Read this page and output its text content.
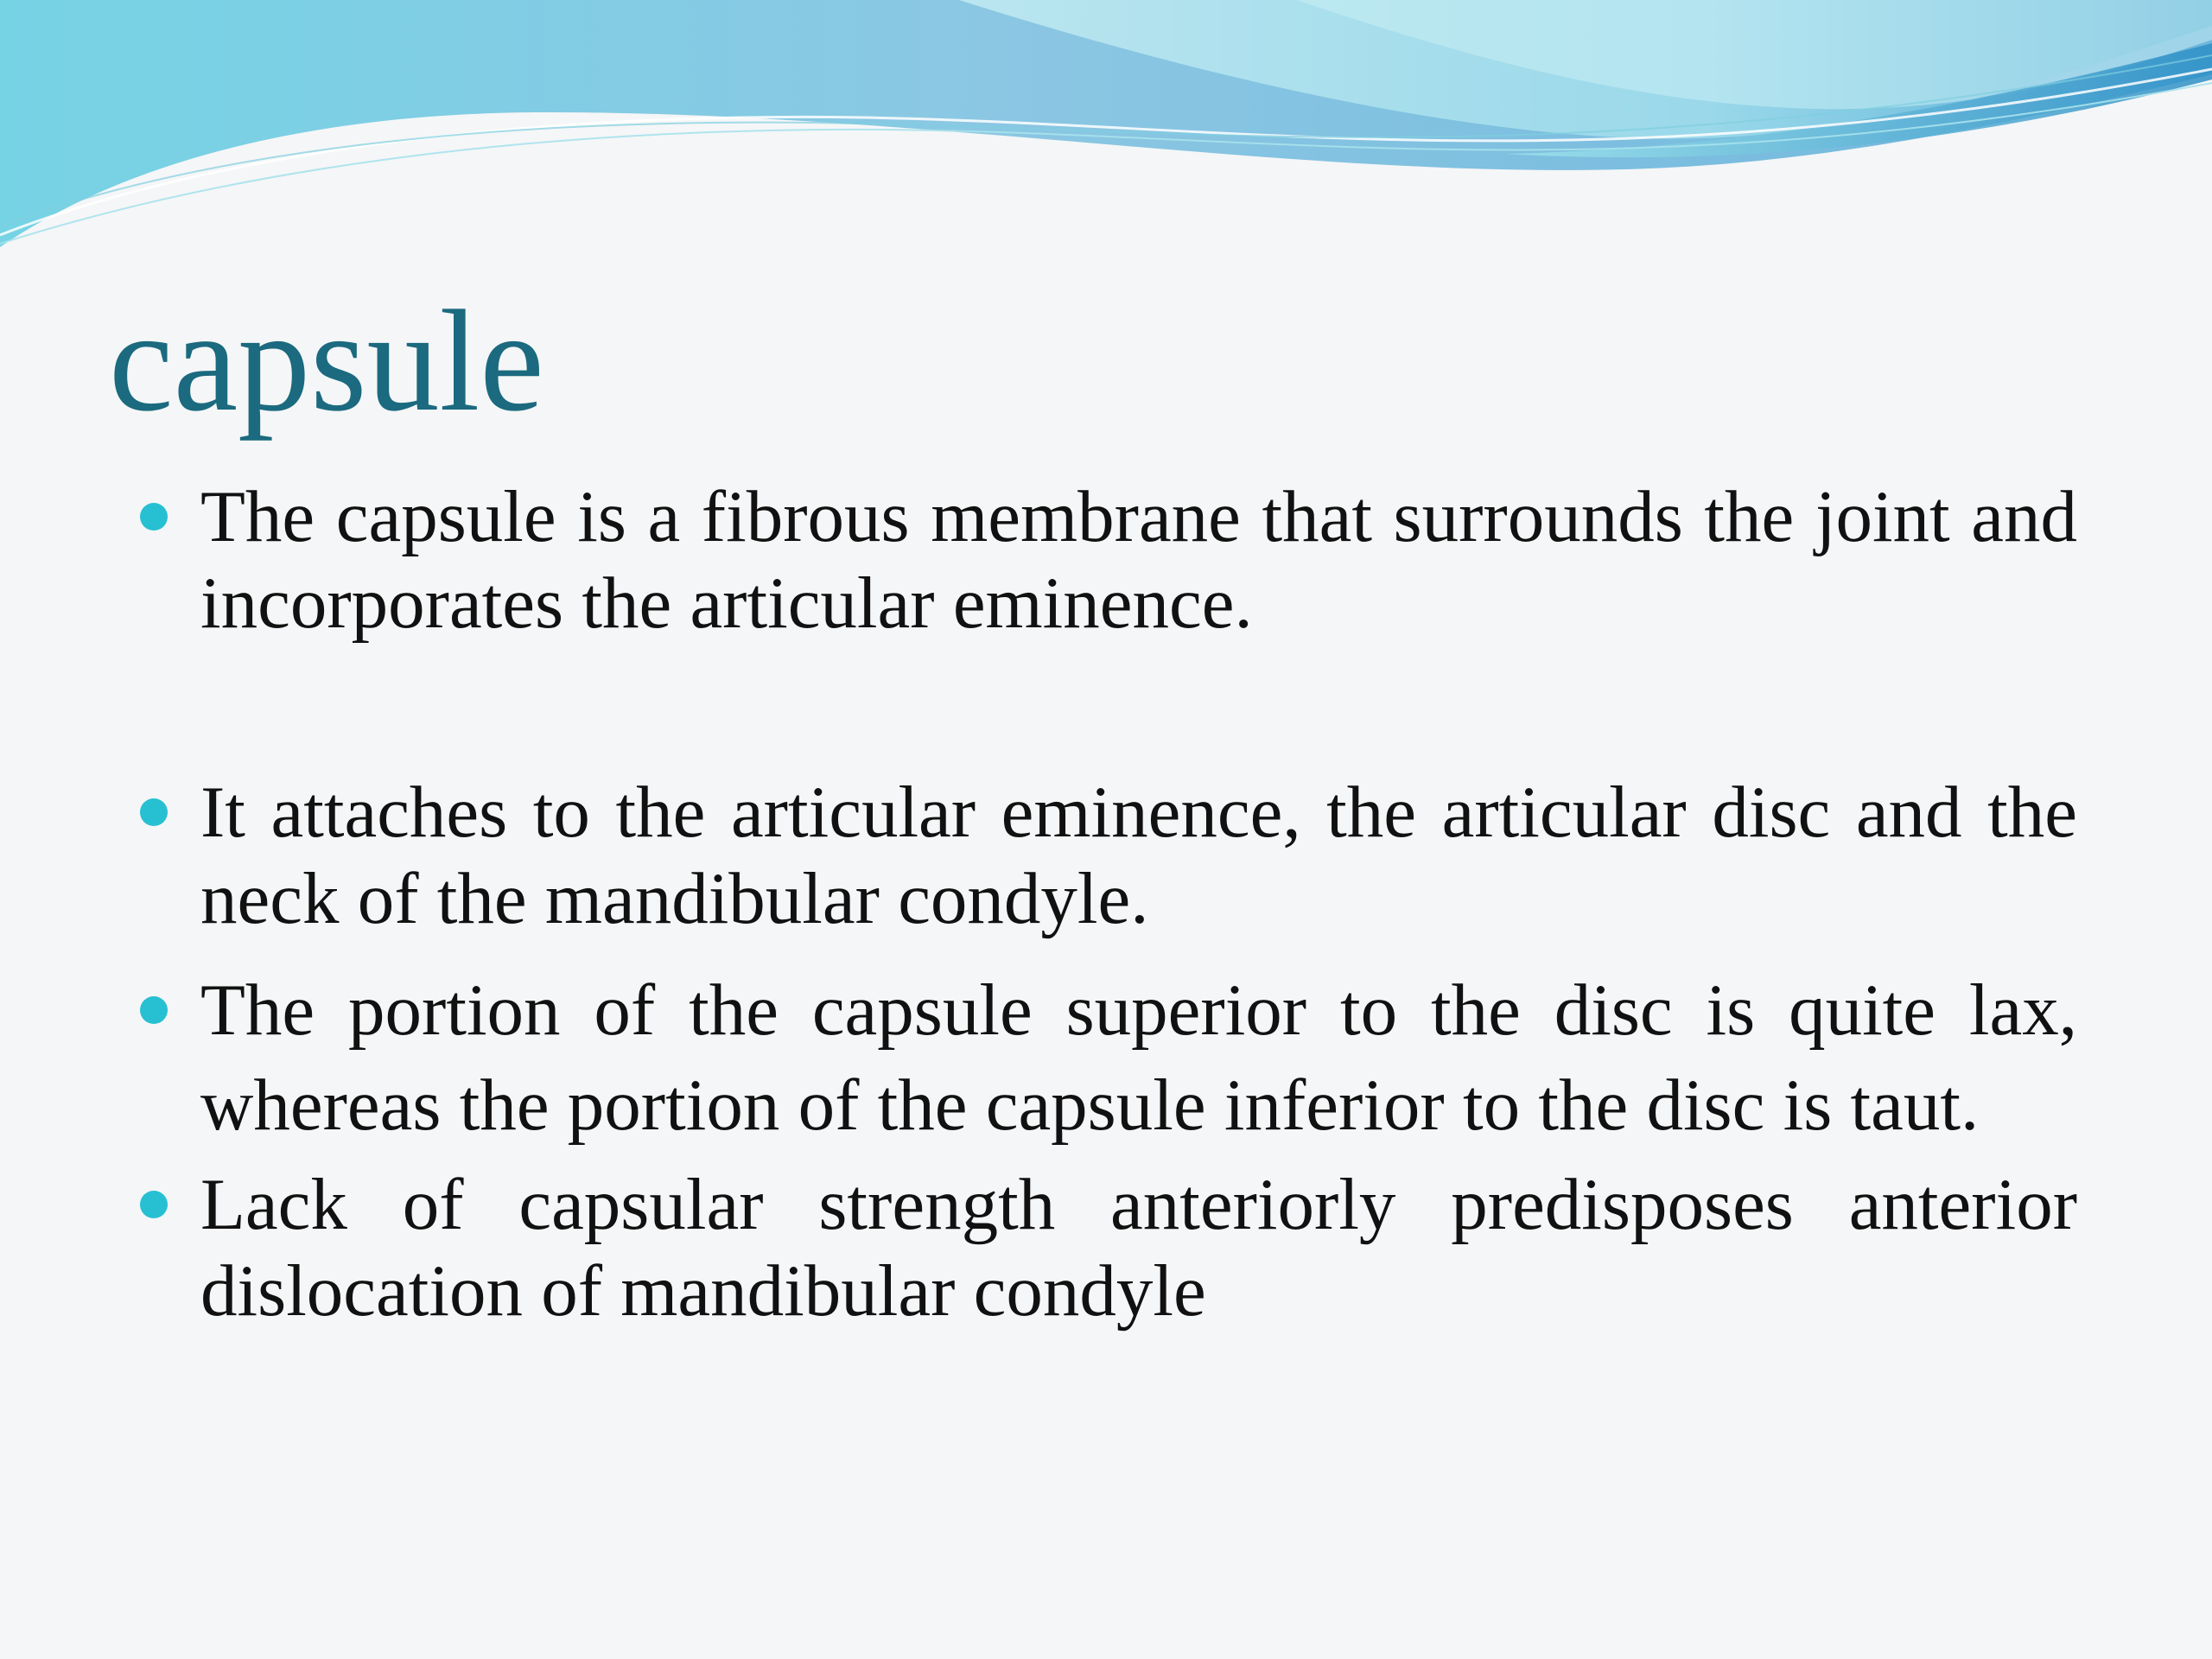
capsule
The capsule is a fibrous membrane that surrounds the joint and incorporates the articular eminence.
It attaches to the articular eminence, the articular disc and the neck of the mandibular condyle.
The portion of the capsule superior to the disc is quite lax, whereas the portion of the capsule inferior to the disc is taut.
Lack of capsular strength anteriorly predisposes anterior dislocation of mandibular condyle
